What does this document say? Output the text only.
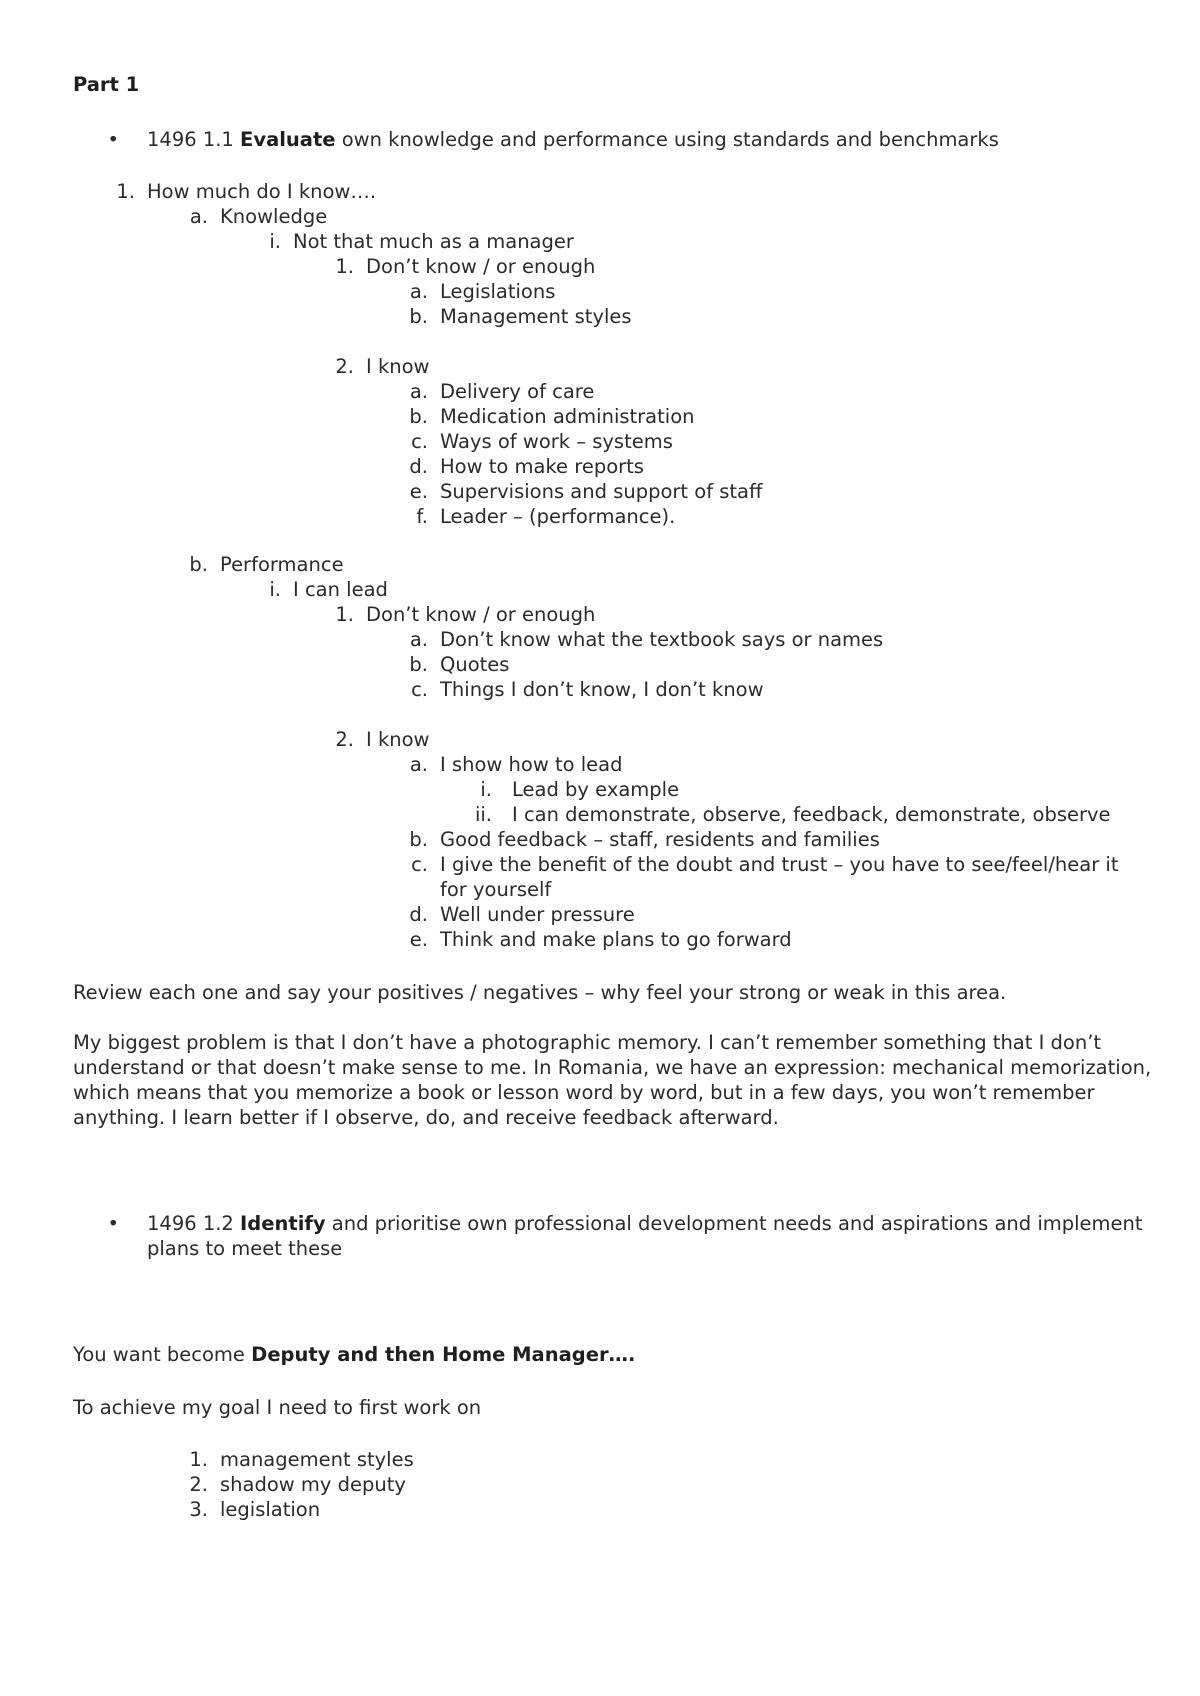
Part 1
• 1496 1.1 Evaluate own knowledge and performance using standards and benchmarks
1. How much do I know….
a. Knowledge
i. Not that much as a manager
1. Don’t know / or enough
a. Legislations
b. Management styles
2. I know
a. Delivery of care
b. Medication administration
c. Ways of work – systems
d. How to make reports
e. Supervisions and support of staff
f. Leader – (performance).
b. Performance
i. I can lead
1. Don’t know / or enough
a. Don’t know what the textbook says or names
b. Quotes
c. Things I don’t know, I don’t know
2. I know
a. I show how to lead
i. Lead by example
ii. I can demonstrate, observe, feedback, demonstrate, observe
b. Good feedback – staff, residents and families
c. I give the benefit of the doubt and trust – you have to see/feel/hear it
for yourself
d. Well under pressure
e. Think and make plans to go forward
Review each one and say your positives / negatives – why feel your strong or weak in this area.
My biggest problem is that I don’t have a photographic memory. I can’t remember something that I don’t
understand or that doesn’t make sense to me. In Romania, we have an expression: mechanical memorization,
which means that you memorize a book or lesson word by word, but in a few days, you won’t remember
anything. I learn better if I observe, do, and receive feedback afterward.
• 1496 1.2 Identify and prioritise own professional development needs and aspirations and implement
plans to meet these
You want become Deputy and then Home Manager….
To achieve my goal I need to first work on
1. management styles
2. shadow my deputy
3. legislation
